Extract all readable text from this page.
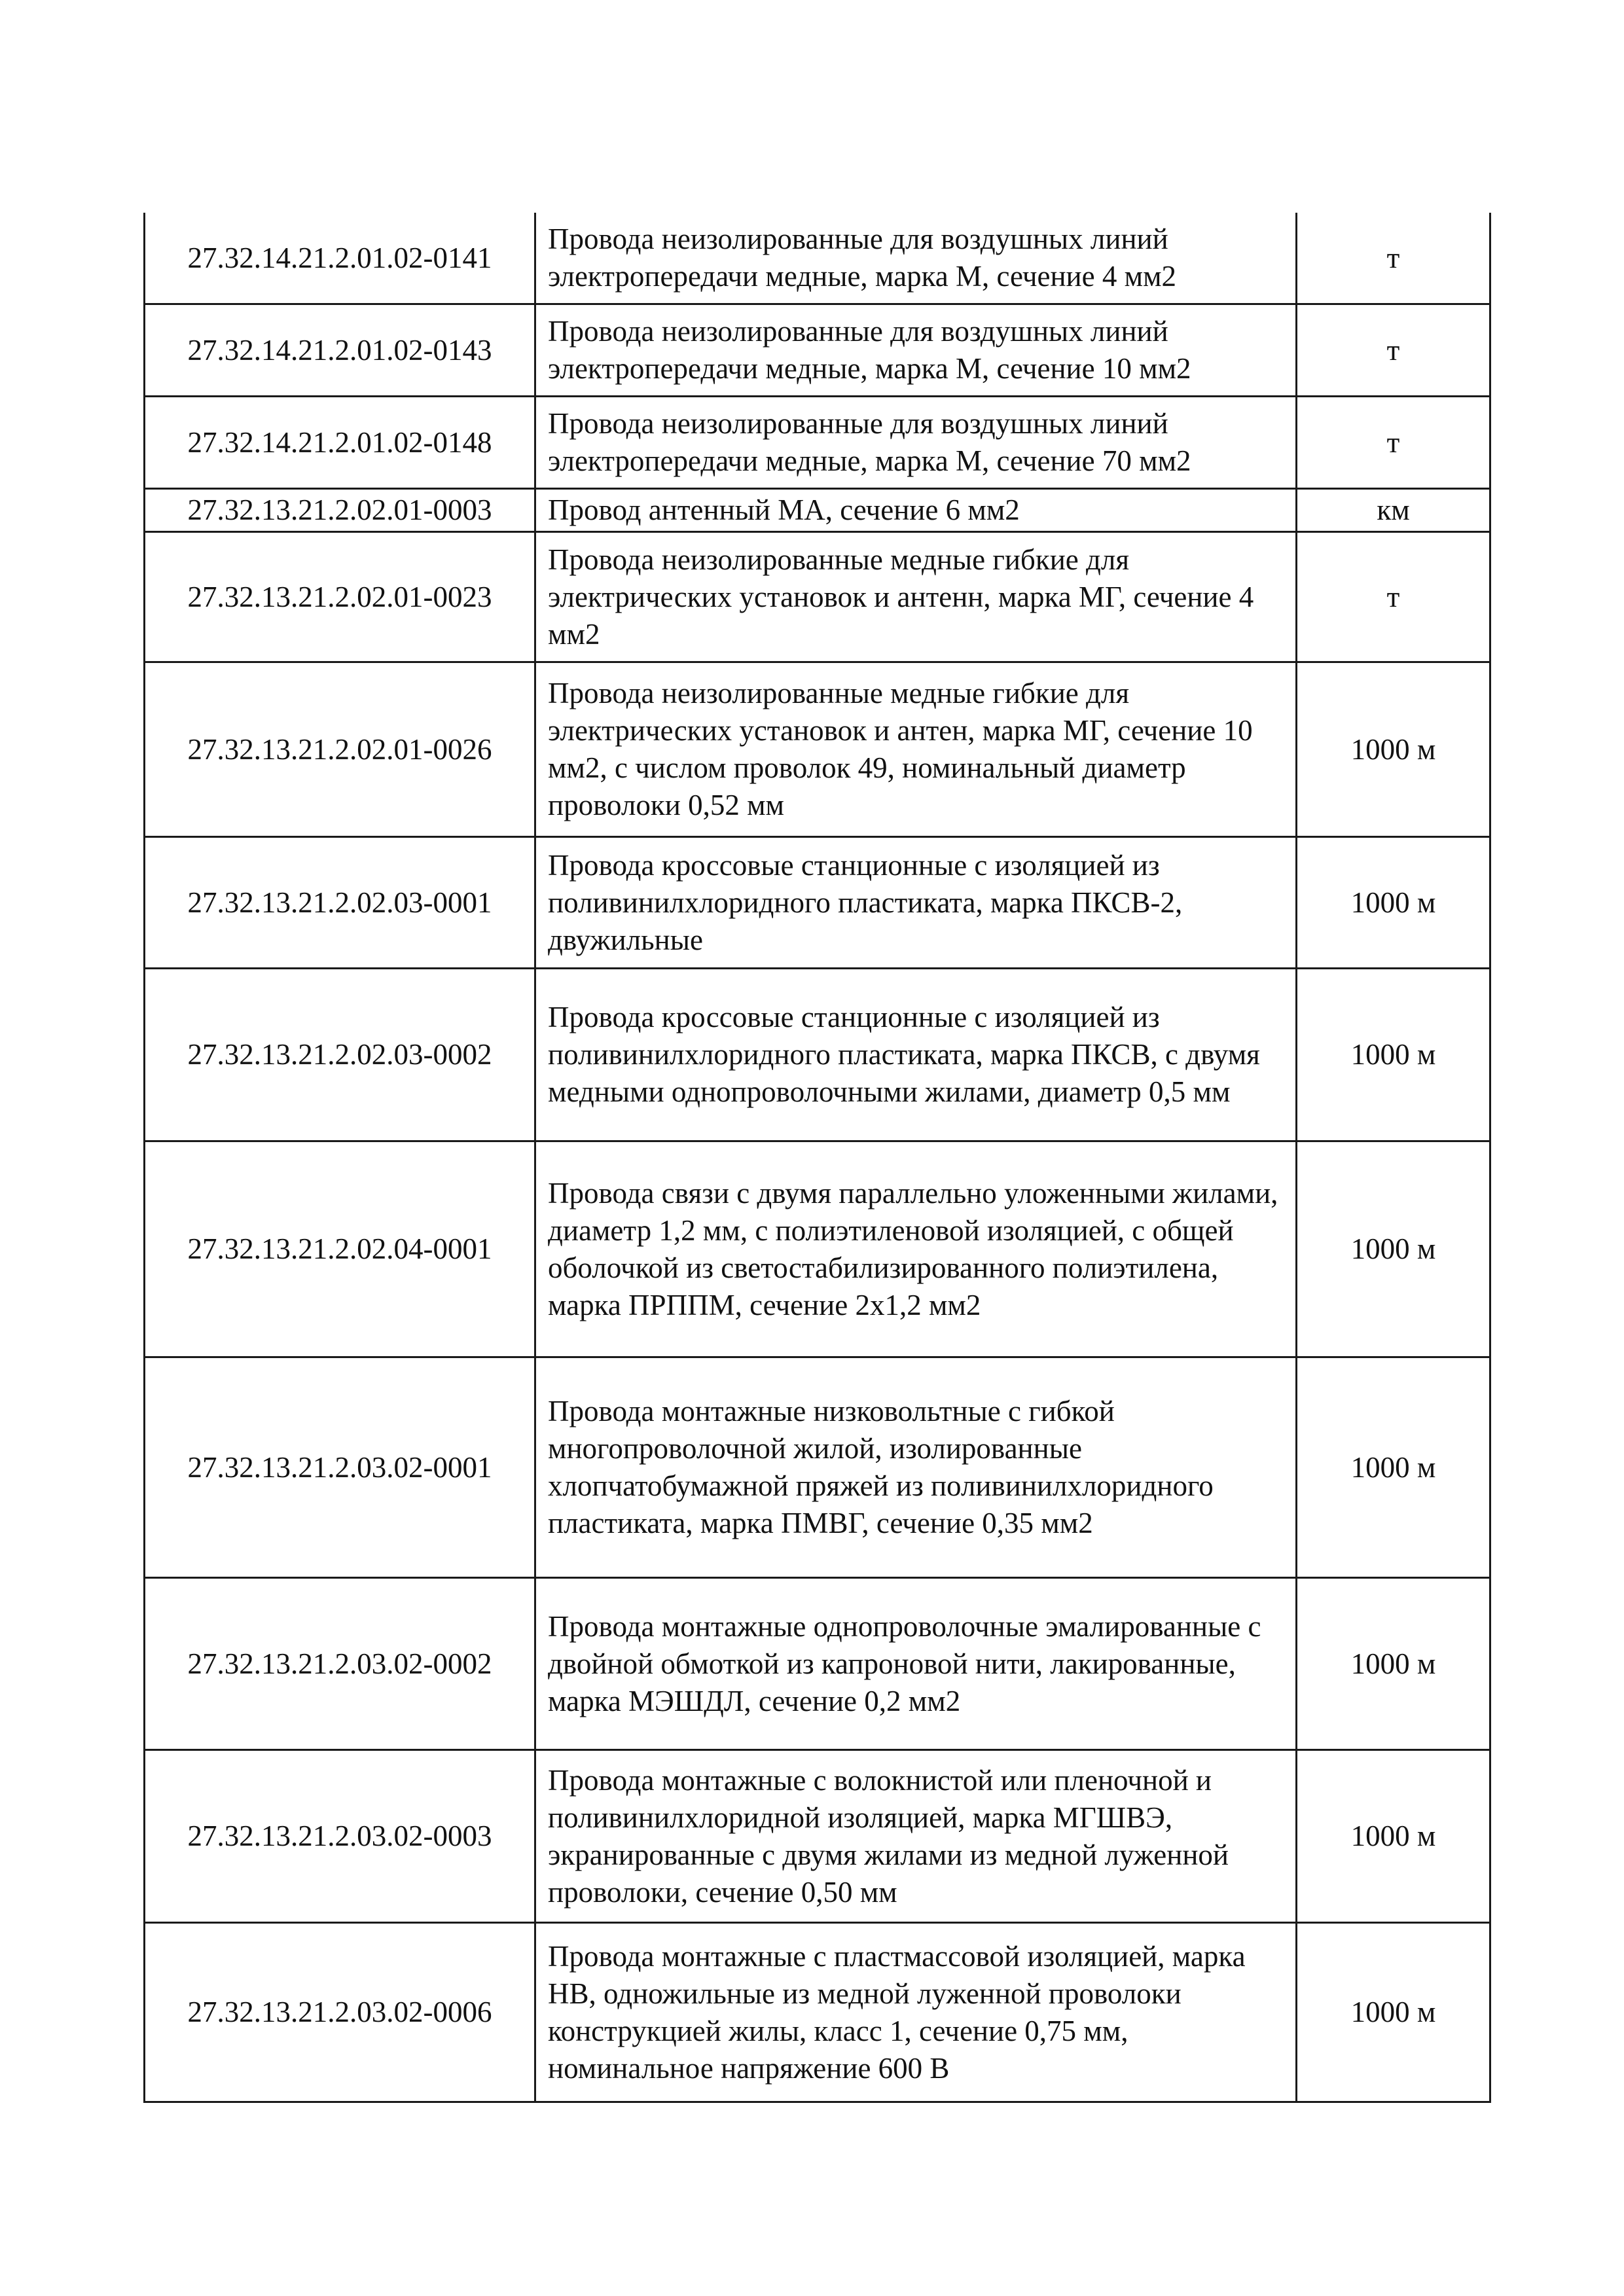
27.32.14.21.2.01.02-0141	Провода неизолированные для воздушных линий электропередачи медные, марка М, сечение 4 мм2	т
27.32.14.21.2.01.02-0143	Провода неизолированные для воздушных линий электропередачи медные, марка М, сечение 10 мм2	т
27.32.14.21.2.01.02-0148	Провода неизолированные для воздушных линий электропередачи медные, марка М, сечение 70 мм2	т
27.32.13.21.2.02.01-0003	Провод антенный МА, сечение 6 мм2	км
27.32.13.21.2.02.01-0023	Провода неизолированные медные гибкие для электрических установок и антенн, марка МГ, сечение 4 мм2	т
27.32.13.21.2.02.01-0026	Провода неизолированные медные гибкие для электрических установок и антен, марка МГ, сечение 10 мм2, с числом проволок 49, номинальный диаметр проволоки 0,52 мм	1000 м
27.32.13.21.2.02.03-0001	Провода кроссовые станционные с изоляцией из поливинилхлоридного пластиката, марка ПКСВ-2, двужильные	1000 м
27.32.13.21.2.02.03-0002	Провода кроссовые станционные с изоляцией из поливинилхлоридного пластиката, марка ПКСВ, с двумя медными однопроволочными жилами, диаметр 0,5 мм	1000 м
27.32.13.21.2.02.04-0001	Провода связи с двумя параллельно уложенными жилами, диаметр 1,2 мм, с полиэтиленовой изоляцией, с общей оболочкой из светостабилизированного полиэтилена, марка ПРППМ, сечение 2х1,2 мм2	1000 м
27.32.13.21.2.03.02-0001	Провода монтажные низковольтные с гибкой многопроволочной жилой, изолированные хлопчатобумажной пряжей из поливинилхлоридного пластиката, марка ПМВГ, сечение 0,35 мм2	1000 м
27.32.13.21.2.03.02-0002	Провода монтажные однопроволочные эмалированные с двойной обмоткой из капроновой нити, лакированные, марка МЭШДЛ, сечение 0,2 мм2	1000 м
27.32.13.21.2.03.02-0003	Провода монтажные с волокнистой или пленочной и поливинилхлоридной изоляцией, марка МГШВЭ, экранированные с двумя жилами из медной луженной проволоки, сечение 0,50 мм	1000 м
27.32.13.21.2.03.02-0006	Провода монтажные с пластмассовой изоляцией, марка НВ, одножильные из медной луженной проволоки конструкцией жилы, класс 1, сечение 0,75 мм, номинальное напряжение 600 В	1000 м
